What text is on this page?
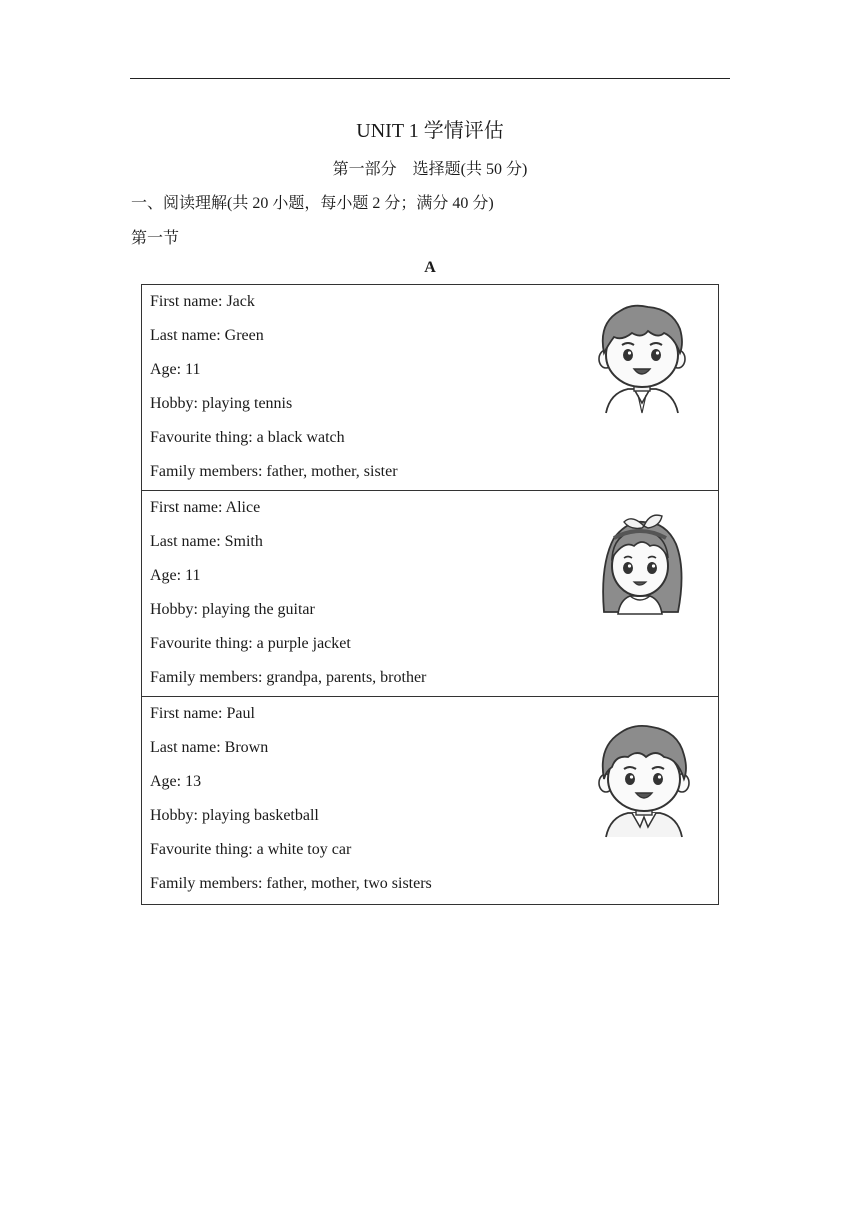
UNIT 1 学情评估
第一部分　选择题(共 50 分)
一、阅读理解(共 20 小题，每小题 2 分；满分 40 分)
第一节
A
First name: Jack
Last name: Green
Age: 11
Hobby: playing tennis
Favourite thing: a black watch
Family members: father, mother, sister
First name: Alice
Last name: Smith
Age: 11
Hobby: playing the guitar
Favourite thing: a purple jacket
Family members: grandpa, parents, brother
First name: Paul
Last name: Brown
Age: 13
Hobby: playing basketball
Favourite thing: a white toy car
Family members: father, mother, two sisters
